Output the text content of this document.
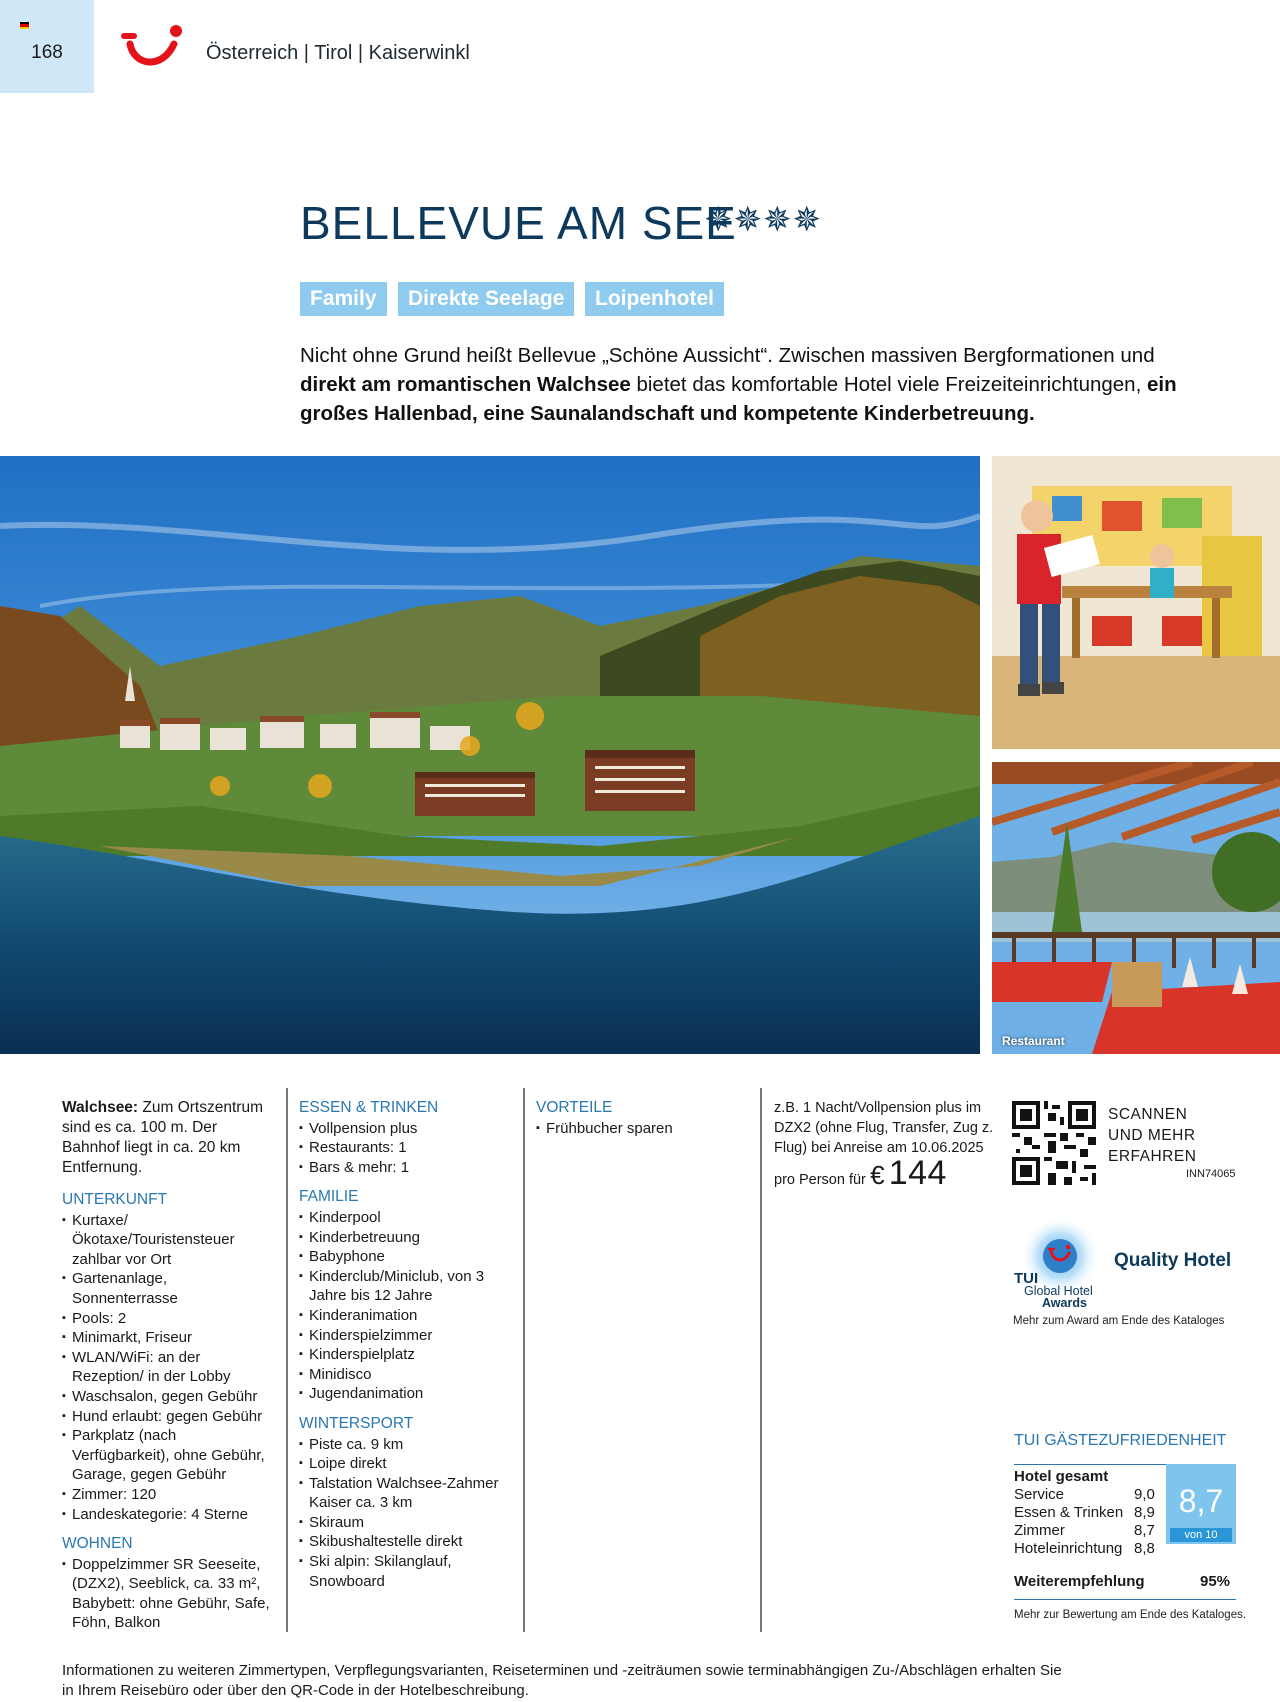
168	Österreich | Tirol | Kaiserwinkl
BELLEVUE AM SEE
✵✵✵✵
Family	Direkte Seelage	Loipenhotel

Nicht ohne Grund heißt Bellevue „Schöne Aussicht“. Zwischen massiven Bergformationen und direkt am romantischen Walchsee bietet das komfortable Hotel viele Freizeiteinrichtungen, ein großes Hallenbad, eine Saunalandschaft und kompetente Kinderbetreuung.

Restaurant
Walchsee: Zum Ortszentrum sind es ca. 100 m. Der Bahnhof liegt in ca. 20 km Entfernung.
UNTERKUNFT
▪ Kurtaxe/Ökotaxe/Touristensteuer zahlbar vor Ort
▪ Gartenanlage, Sonnenterrasse
▪ Pools: 2
▪ Minimarkt, Friseur
▪ WLAN/WiFi: an der Rezeption/ in der Lobby
▪ Waschsalon, gegen Gebühr
▪ Hund erlaubt: gegen Gebühr
▪ Parkplatz (nach Verfügbarkeit), ohne Gebühr, Garage, gegen Gebühr
▪ Zimmer: 120
▪ Landeskategorie: 4 Sterne
WOHNEN
▪ Doppelzimmer SR Seeseite, (DZX2), Seeblick, ca. 33 m², Babybett: ohne Gebühr, Safe, Föhn, Balkon
ESSEN & TRINKEN
▪ Vollpension plus
▪ Restaurants: 1
▪ Bars & mehr: 1
FAMILIE
▪ Kinderpool
▪ Kinderbetreuung
▪ Babyphone
▪ Kinderclub/Miniclub, von 3 Jahre bis 12 Jahre
▪ Kinderanimation
▪ Kinderspielzimmer
▪ Kinderspielplatz
▪ Minidisco
▪ Jugendanimation
WINTERSPORT
▪ Piste ca. 9 km
▪ Loipe direkt
▪ Talstation Walchsee-Zahmer Kaiser ca. 3 km
▪ Skiraum
▪ Skibushaltestelle direkt
▪ Ski alpin: Skilanglauf, Snowboard
VORTEILE
▪ Frühbucher sparen
z.B. 1 Nacht/Vollpension plus im DZX2 (ohne Flug, Transfer, Zug z. Flug) bei Anreise am 10.06.2025
pro Person für € 144
SCANNEN
UND MEHR
ERFAHREN
INN74065
TUI
Global Hotel
Awards
Quality Hotel
Mehr zum Award am Ende des Kataloges
TUI GÄSTEZUFRIEDENHEIT
Hotel gesamt
Service	9,0
Essen & Trinken 8,9
Zimmer	8,7
Hoteleinrichtung 8,8
8,7
von 10
Weiterempfehlung	95%
Mehr zur Bewertung am Ende des Kataloges.
Informationen zu weiteren Zimmertypen, Verpflegungsvarianten, Reiseterminen und -zeiträumen sowie terminabhängigen Zu-/Abschlägen erhalten Sie in Ihrem Reisebüro oder über den QR-Code in der Hotelbeschreibung.
